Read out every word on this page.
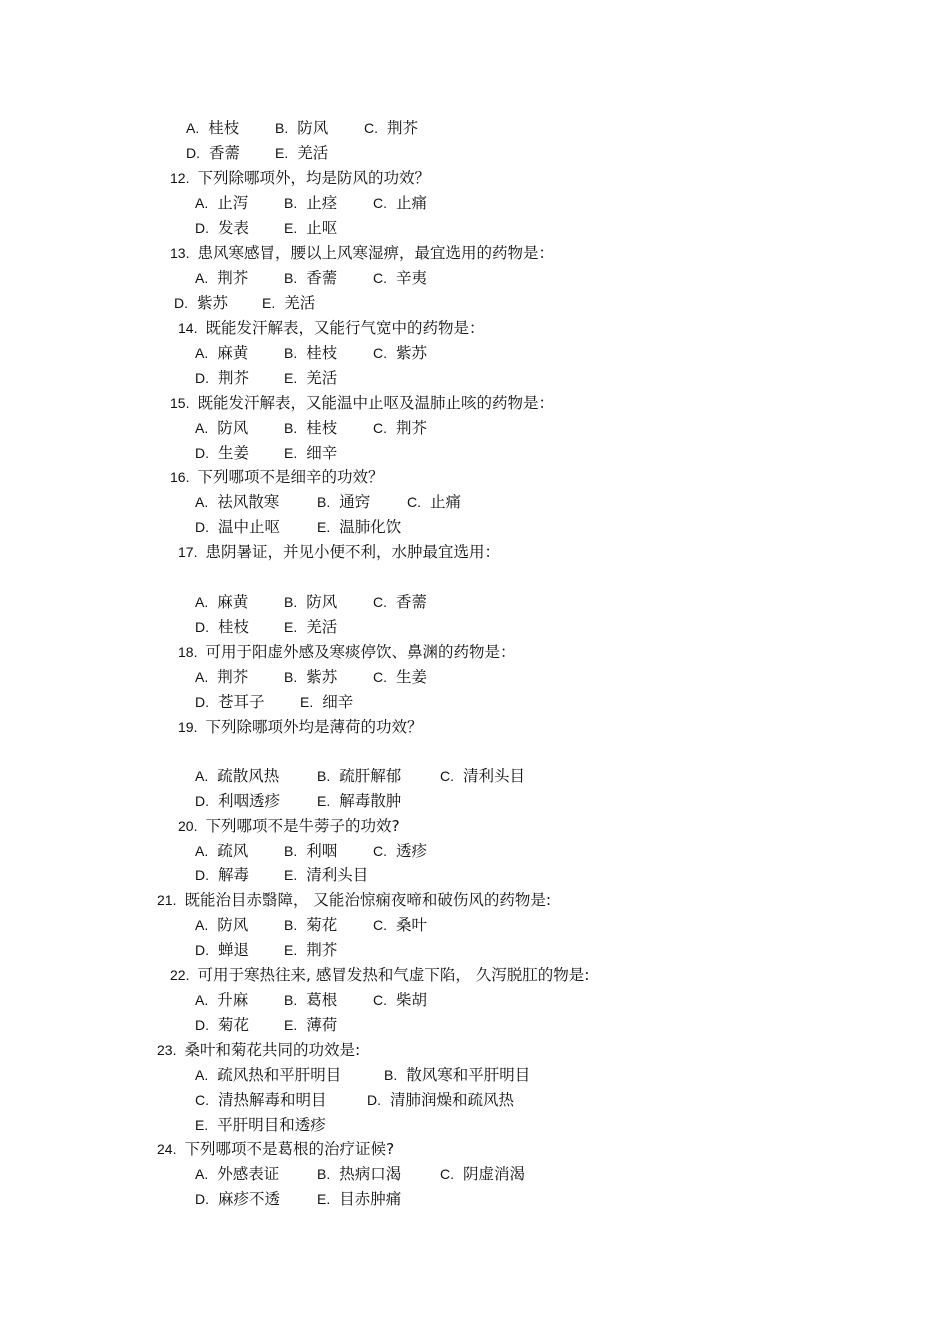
A. 桂枝	B. 防风	C. 荆芥
D. 香薷 E. 羌活
12. 下列除哪项外，均是防风的功效？
A. 止泻	B. 止痉	C. 止痛
D. 发表 E. 止呕
13. 患风寒感冒，腰以上风寒湿痹，最宜选用的药物是：
A. 荆芥	B. 香薷	C. 辛夷
D. 紫苏 E. 羌活
14. 既能发汗解表，又能行气宽中的药物是：
A. 麻黄	B. 桂枝	C. 紫苏
D. 荆芥 E. 羌活
15. 既能发汗解表，又能温中止呕及温肺止咳的药物是：
A. 防风	B. 桂枝	C. 荆芥
D. 生姜 E. 细辛
16. 下列哪项不是细辛的功效？
A. 祛风散寒	B. 通窍	C. 止痛
D. 温中止呕	E. 温肺化饮
17. 患阴暑证，并见小便不利，水肿最宜选用：
A. 麻黄	B. 防风	C. 香薷
D. 桂枝 E. 羌活
18. 可用于阳虚外感及寒痰停饮、鼻渊的药物是：
A. 荆芥	B. 紫苏	C. 生姜
D. 苍耳子	E. 细辛
19. 下列除哪项外均是薄荷的功效？
A. 疏散风热	B. 疏肝解郁	C. 清利头目
D. 利咽透疹	E. 解毒散肿
20. 下列哪项不是牛蒡子的功效?
A. 疏风	B. 利咽	C. 透疹
D. 解毒 E. 清利头目
21. 既能治目赤翳障， 又能治惊痫夜啼和破伤风的药物是:
A. 防风	B. 菊花	C. 桑叶
D. 蝉退 E. 荆芥
22. 可用于寒热往来, 感冒发热和气虚下陷， 久泻脱肛的物是:
A. 升麻	B. 葛根	C. 柴胡
D. 菊花 E. 薄荷
23. 桑叶和菊花共同的功效是:
A. 疏风热和平肝明目	B. 散风寒和平肝明目
C. 清热解毒和明目	D. 清肺润燥和疏风热
E. 平肝明目和透疹
24. 下列哪项不是葛根的治疗证候?
A. 外感表证	B. 热病口渴	C. 阴虚消渴
D. 麻疹不透	E. 目赤肿痛
